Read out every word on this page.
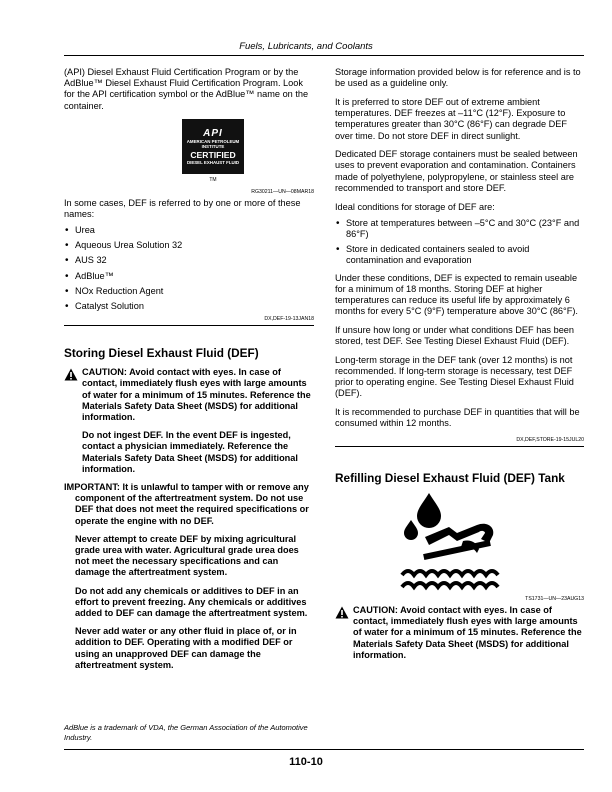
Fuels, Lubricants, and Coolants

(API) Diesel Exhaust Fluid Certification Program or by the AdBlue™ Diesel Exhaust Fluid Certification Program. Look for the API certification symbol or the AdBlue™ name on the container.

API
AMERICAN PETROLEUM INSTITUTE
CERTIFIED
DIESEL EXHAUST FLUID
TM
RG30211—UN—08MAR18

In some cases, DEF is referred to by one or more of these names:

• Urea
• Aqueous Urea Solution 32
• AUS 32
• AdBlue™
• NOx Reduction Agent
• Catalyst Solution
DX,DEF-19-13JAN18
Storing Diesel Exhaust Fluid (DEF)

CAUTION: Avoid contact with eyes. In case of contact, immediately flush eyes with large amounts of water for a minimum of 15 minutes. Reference the Materials Safety Data Sheet (MSDS) for additional information.

Do not ingest DEF. In the event DEF is ingested, contact a physician immediately. Reference the Materials Safety Data Sheet (MSDS) for additional information.

IMPORTANT: It is unlawful to tamper with or remove any component of the aftertreatment system. Do not use DEF that does not meet the required specifications or operate the engine with no DEF.

Never attempt to create DEF by mixing agricultural grade urea with water. Agricultural grade urea does not meet the necessary specifications and can damage the aftertreatment system.

Do not add any chemicals or additives to DEF in an effort to prevent freezing. Any chemicals or additives added to DEF can damage the aftertreatment system.

Never add water or any other fluid in place of, or in addition to DEF. Operating with a modified DEF or using an unapproved DEF can damage the aftertreatment system.

AdBlue is a trademark of VDA, the German Association of the Automotive Industry.

Storage information provided below is for reference and is to be used as a guideline only.

It is preferred to store DEF out of extreme ambient temperatures. DEF freezes at –11°C (12°F). Exposure to temperatures greater than 30°C (86°F) can degrade DEF over time. Do not store DEF in direct sunlight.

Dedicated DEF storage containers must be sealed between uses to prevent evaporation and contamination. Containers made of polyethylene, polypropylene, or stainless steel are recommended to transport and store DEF.

Ideal conditions for storage of DEF are:

• Store at temperatures between –5°C and 30°C (23°F and 86°F)
• Store in dedicated containers sealed to avoid contamination and evaporation

Under these conditions, DEF is expected to remain useable for a minimum of 18 months. Storing DEF at higher temperatures can reduce its useful life by approximately 6 months for every 5°C (9°F) temperature above 30°C (86°F).

If unsure how long or under what conditions DEF has been stored, test DEF. See Testing Diesel Exhaust Fluid (DEF).

Long-term storage in the DEF tank (over 12 months) is not recommended. If long-term storage is necessary, test DEF prior to operating engine. See Testing Diesel Exhaust Fluid (DEF).

It is recommended to purchase DEF in quantities that will be consumed within 12 months.

DX,DEF,STORE-19-15JUL20
Refilling Diesel Exhaust Fluid (DEF) Tank
TS1731—UN—23AUG13

CAUTION: Avoid contact with eyes. In case of contact, immediately flush eyes with large amounts of water for a minimum of 15 minutes. Reference the Materials Safety Data Sheet (MSDS) for additional information.

110-10
